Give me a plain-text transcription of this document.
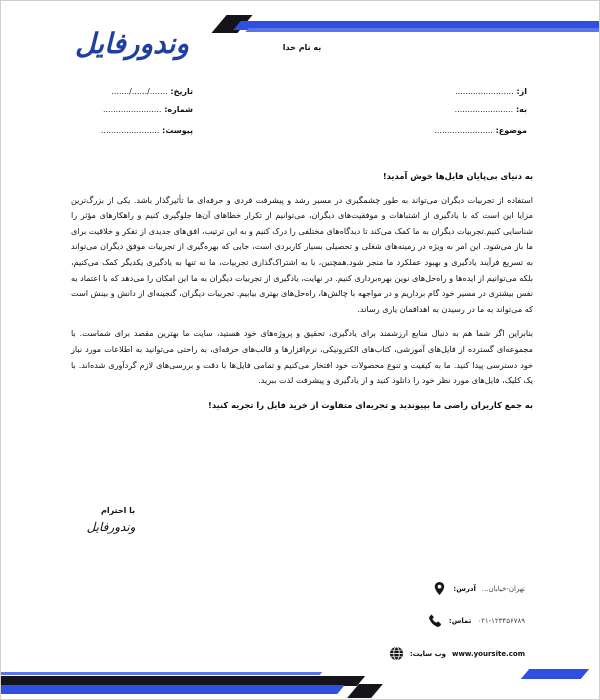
وندورفایل	به نام خدا
از: .......................
به: .......................
موضوع: .......................
تاریخ: ......./....../.......
شماره: .......................
پیوست: .......................
به دنیای بی‌پایان فایل‌ها خوش آمدید!

استفاده از تجربیات دیگران می‌تواند به طور چشمگیری در مسیر رشد و پیشرفت فردی و حرفه‌ای ما تأثیرگذار باشد. یکی از بزرگ‌ترین مزایا این است که با یادگیری از اشتباهات و موفقیت‌های دیگران، می‌توانیم از تکرار خطاهای آن‌ها جلوگیری کنیم و راهکارهای مؤثر را شناسایی کنیم.تجربیات دیگران به ما کمک می‌کند تا دیدگاه‌های مختلفی را درک کنیم و به این ترتیب، افق‌های جدیدی از تفکر و خلاقیت برای ما باز می‌شود. این امر به ویژه در زمینه‌های شغلی و تحصیلی بسیار کاربردی است، جایی که بهره‌گیری از تجربیات موفق دیگران می‌تواند به تسریع فرآیند یادگیری و بهبود عملکرد ما منجر شود.همچنین، با به اشتراک‌گذاری تجربیات، ما نه تنها به یادگیری یکدیگر کمک می‌کنیم، بلکه می‌توانیم از ایده‌ها و راه‌حل‌های نوین بهره‌برداری کنیم. در نهایت، یادگیری از تجربیات دیگران به ما این امکان را می‌دهد که با اعتماد به نفس بیشتری در مسیر خود گام برداریم و در مواجهه با چالش‌ها، راه‌حل‌های بهتری بیابیم. تجربیات دیگران، گنجینه‌ای از دانش و بینش است که می‌تواند به ما در رسیدن به اهدافمان یاری رساند.

بنابراین اگر شما هم به دنبال منابع ارزشمند برای یادگیری، تحقیق و پروژه‌های خود هستید، سایت ما بهترین مقصد برای شماست. با مجموعه‌ای گسترده از فایل‌های آموزشی، کتاب‌های الکترونیکی، نرم‌افزارها و قالب‌های حرفه‌ای، به راحتی می‌توانید به اطلاعات مورد نیاز خود دسترسی پیدا کنید. ما به کیفیت و تنوع محصولات خود افتخار می‌کنیم و تمامی فایل‌ها با دقت و بررسی‌های لازم گردآوری شده‌اند. با یک کلیک، فایل‌های مورد نظر خود را دانلود کنید و از یادگیری و پیشرفت لذت ببرید.

به جمع کاربران راضی ما بپیوندید و تجربه‌ای متفاوت از خرید فایل را تجربه کنید!
با احترام
وندورفایل
آدرس: تهران-خیابان...
تماس: ۰۲۱-۱۲۳۴۵۶۷۸۹
وب سایت: www.yoursite.com
